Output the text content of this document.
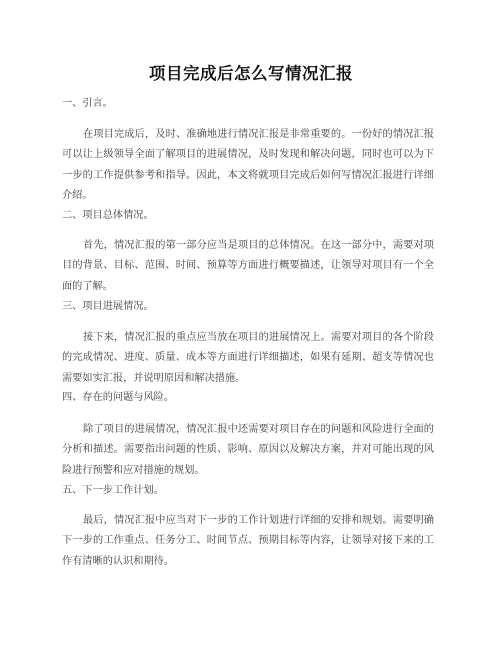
项目完成后怎么写情况汇报
一、引言。
在项目完成后，及时、准确地进行情况汇报是非常重要的。一份好的情况汇报可以让上级领导全面了解项目的进展情况，及时发现和解决问题，同时也可以为下一步的工作提供参考和指导。因此，本文将就项目完成后如何写情况汇报进行详细介绍。
二、项目总体情况。
首先，情况汇报的第一部分应当是项目的总体情况。在这一部分中，需要对项目的背景、目标、范围、时间、预算等方面进行概要描述，让领导对项目有一个全面的了解。
三、项目进展情况。
接下来，情况汇报的重点应当放在项目的进展情况上。需要对项目的各个阶段的完成情况、进度、质量、成本等方面进行详细描述，如果有延期、超支等情况也需要如实汇报，并说明原因和解决措施。
四、存在的问题与风险。
除了项目的进展情况，情况汇报中还需要对项目存在的问题和风险进行全面的分析和描述。需要指出问题的性质、影响、原因以及解决方案，并对可能出现的风险进行预警和应对措施的规划。
五、下一步工作计划。
最后，情况汇报中应当对下一步的工作计划进行详细的安排和规划。需要明确下一步的工作重点、任务分工、时间节点、预期目标等内容，让领导对接下来的工作有清晰的认识和期待。
